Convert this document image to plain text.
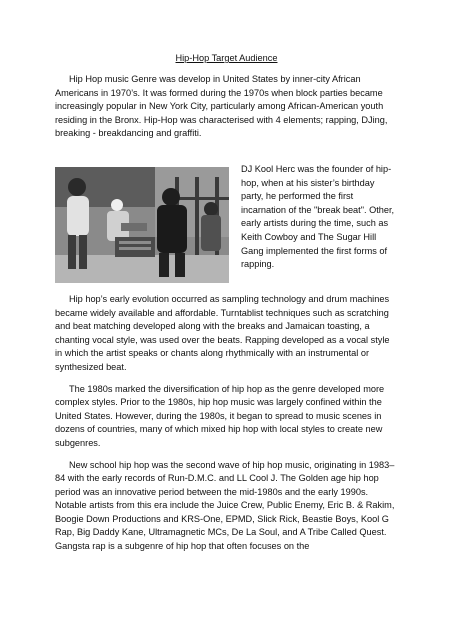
Hip-Hop Target Audience

Hip Hop music Genre was develop in United States by inner-city African Americans in 1970’s. It was formed during the 1970s when block parties became increasingly popular in New York City, particularly among African-American youth residing in the Bronx. Hip-Hop was characterised with 4 elements; rapping, DJing, breaking - breakdancing and graffiti.

DJ Kool Herc was the founder of hip-hop, when at his sister’s birthday party, he performed the first incarnation of the "break beat". Other, early artists during the time, such as Keith Cowboy and The Sugar Hill Gang implemented the first forms of rapping.

Hip hop’s early evolution occurred as sampling technology and drum machines became widely available and affordable. Turntablist techniques such as scratching and beat matching developed along with the breaks and Jamaican toasting, a chanting vocal style, was used over the beats. Rapping developed as a vocal style in which the artist speaks or chants along rhythmically with an instrumental or synthesized beat.

The 1980s marked the diversification of hip hop as the genre developed more complex styles. Prior to the 1980s, hip hop music was largely confined within the United States. However, during the 1980s, it began to spread to music scenes in dozens of countries, many of which mixed hip hop with local styles to create new subgenres.

New school hip hop was the second wave of hip hop music, originating in 1983–84 with the early records of Run-D.M.C. and LL Cool J. The Golden age hip hop period was an innovative period between the mid-1980s and the early 1990s. Notable artists from this era include the Juice Crew, Public Enemy, Eric B. & Rakim, Boogie Down Productions and KRS-One, EPMD, Slick Rick, Beastie Boys, Kool G Rap, Big Daddy Kane, Ultramagnetic MCs, De La Soul, and A Tribe Called Quest. Gangsta rap is a subgenre of hip hop that often focuses on the
